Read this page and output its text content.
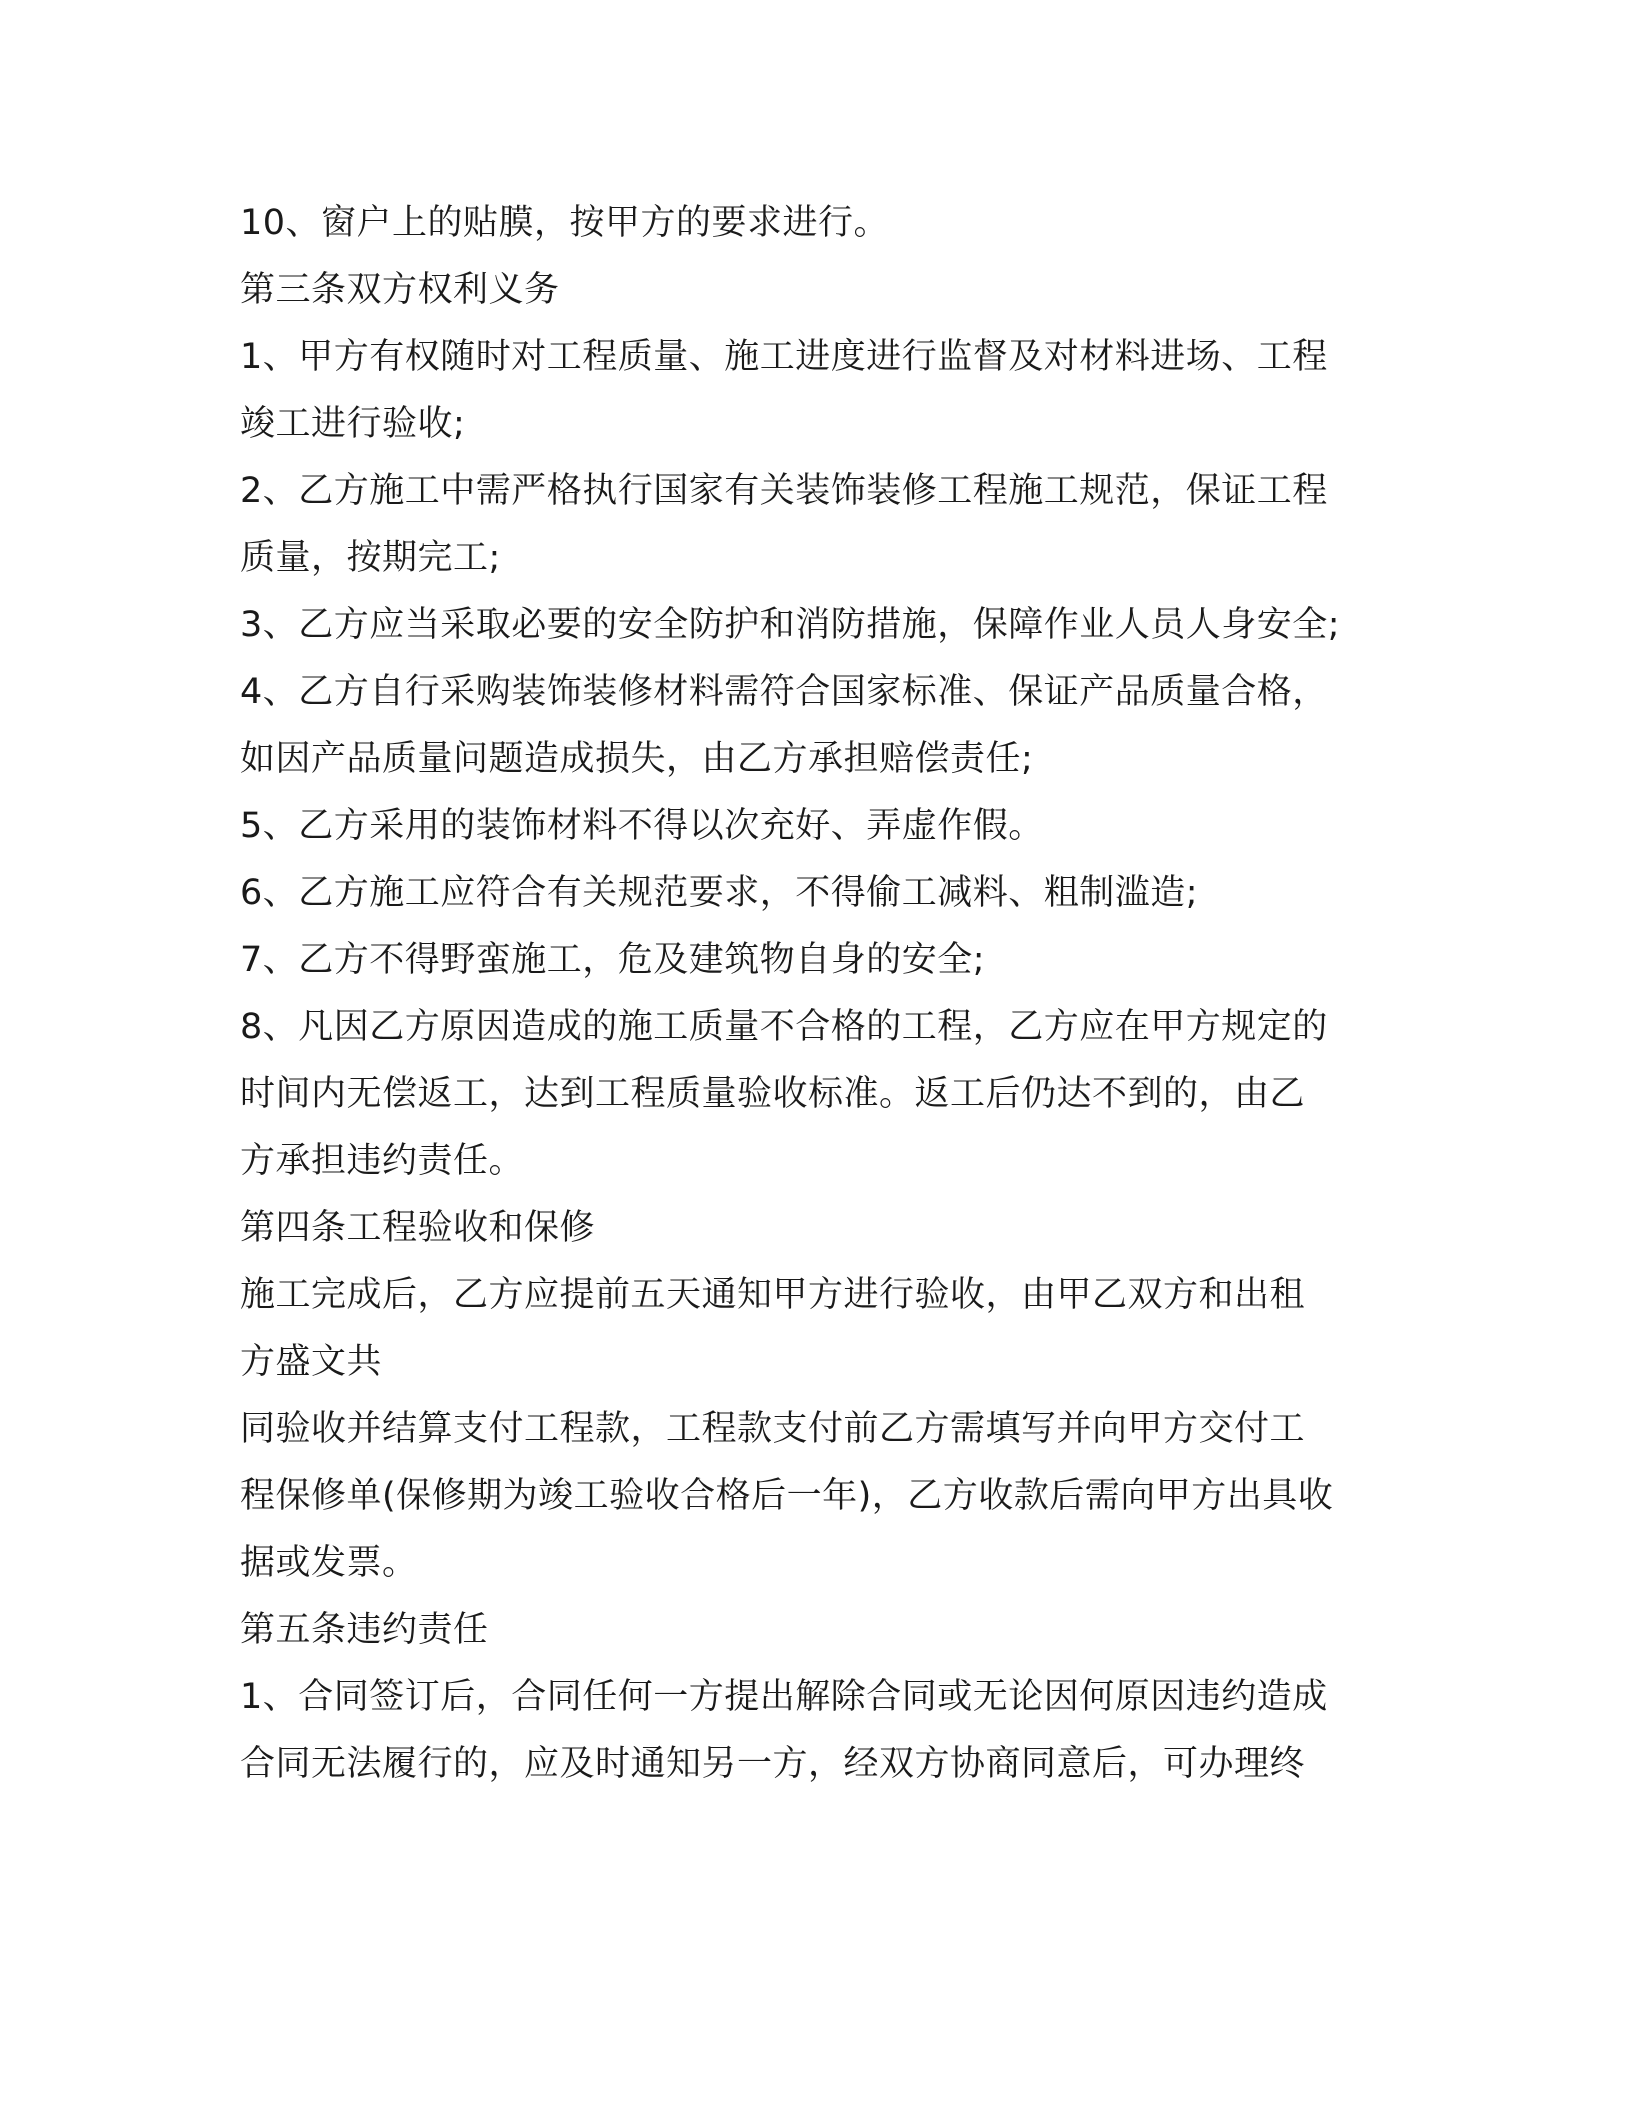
10、窗户上的贴膜，按甲方的要求进行。
第三条双方权利义务
1、甲方有权随时对工程质量、施工进度进行监督及对材料进场、工程
竣工进行验收;
2、乙方施工中需严格执行国家有关装饰装修工程施工规范，保证工程
质量，按期完工;
3、乙方应当采取必要的安全防护和消防措施，保障作业人员人身安全;
4、乙方自行采购装饰装修材料需符合国家标准、保证产品质量合格，
如因产品质量问题造成损失，由乙方承担赔偿责任;
5、乙方采用的装饰材料不得以次充好、弄虚作假。
6、乙方施工应符合有关规范要求，不得偷工减料、粗制滥造;
7、乙方不得野蛮施工，危及建筑物自身的安全;
8、凡因乙方原因造成的施工质量不合格的工程，乙方应在甲方规定的
时间内无偿返工，达到工程质量验收标准。返工后仍达不到的，由乙
方承担违约责任。
第四条工程验收和保修
施工完成后，乙方应提前五天通知甲方进行验收，由甲乙双方和出租
方盛文共
同验收并结算支付工程款，工程款支付前乙方需填写并向甲方交付工
程保修单(保修期为竣工验收合格后一年)，乙方收款后需向甲方出具收
据或发票。
第五条违约责任
1、合同签订后，合同任何一方提出解除合同或无论因何原因违约造成
合同无法履行的，应及时通知另一方，经双方协商同意后，可办理终
